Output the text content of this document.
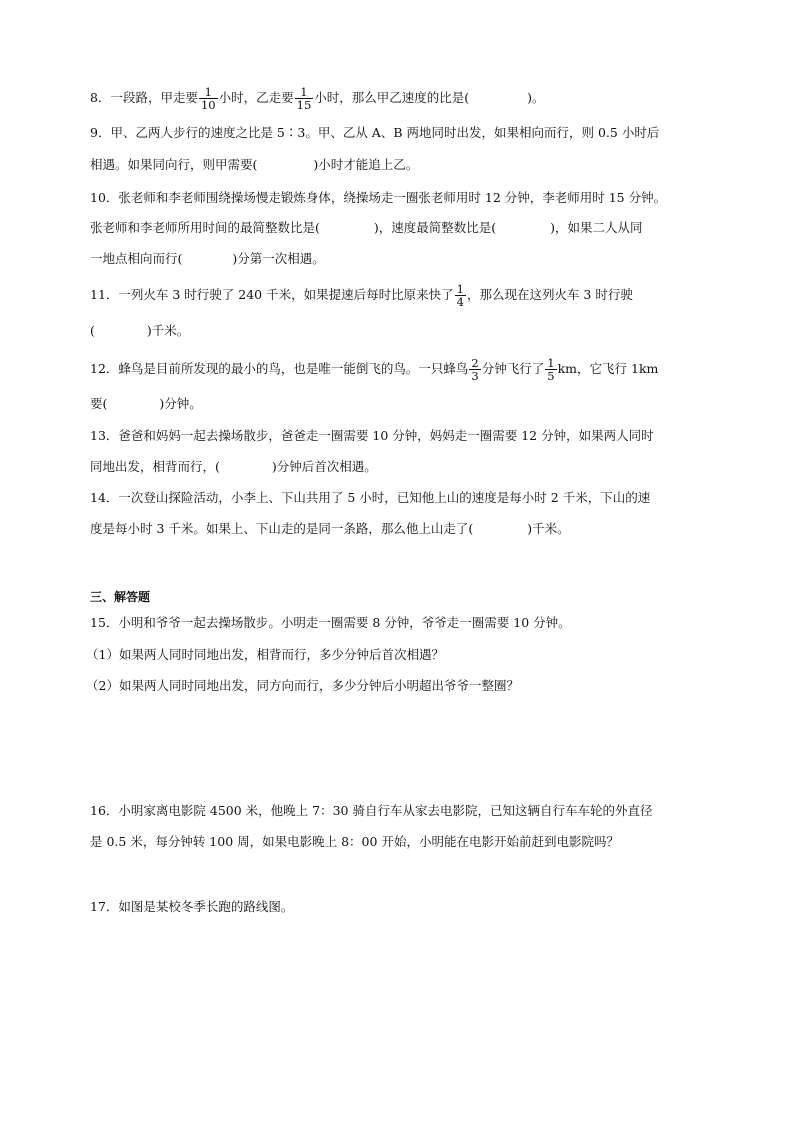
8．一段路，甲走要 $\frac{1}{10}$ 小时，乙走要 $\frac{1}{15}$ 小时，那么甲乙速度的比是(	)。
9．甲、乙两人步行的速度之比是 5∶3。甲、乙从 A、B 两地同时出发，如果相向而行，则 0.5 小时后
相遇。如果同向行，则甲需要(	)小时才能追上乙。
10．张老师和李老师围绕操场慢走锻炼身体，绕操场走一圈张老师用时 12 分钟，李老师用时 15 分钟。
张老师和李老师所用时间的最简整数比是(	)，速度最简整数比是(	)，如果二人从同
一地点相向而行(	)分第一次相遇。
11．一列火车 3 时行驶了 240 千米，如果提速后每时比原来快了 $\frac{1}{4}$ ，那么现在这列火车 3 时行驶
(	)千米。
12．蜂鸟是目前所发现的最小的鸟，也是唯一能倒飞的鸟。一只蜂鸟 $\frac{2}{3}$ 分钟飞行了 $\frac{1}{5}$ km，它飞行 1km
要(	)分钟。
13．爸爸和妈妈一起去操场散步，爸爸走一圈需要 10 分钟，妈妈走一圈需要 12 分钟，如果两人同时
同地出发，相背而行，(	)分钟后首次相遇。
14．一次登山探险活动，小李上、下山共用了 5 小时，已知他上山的速度是每小时 2 千米，下山的速
度是每小时 3 千米。如果上、下山走的是同一条路，那么他上山走了(	)千米。
三、解答题
15．小明和爷爷一起去操场散步。小明走一圈需要 8 分钟，爷爷走一圈需要 10 分钟。
（1）如果两人同时同地出发，相背而行，多少分钟后首次相遇？
（2）如果两人同时同地出发，同方向而行，多少分钟后小明超出爷爷一整圈？
16．小明家离电影院 4500 米，他晚上 7：30 骑自行车从家去电影院，已知这辆自行车车轮的外直径
是 0.5 米，每分钟转 100 周，如果电影晚上 8：00 开始，小明能在电影开始前赶到电影院吗？
17．如图是某校冬季长跑的路线图。
